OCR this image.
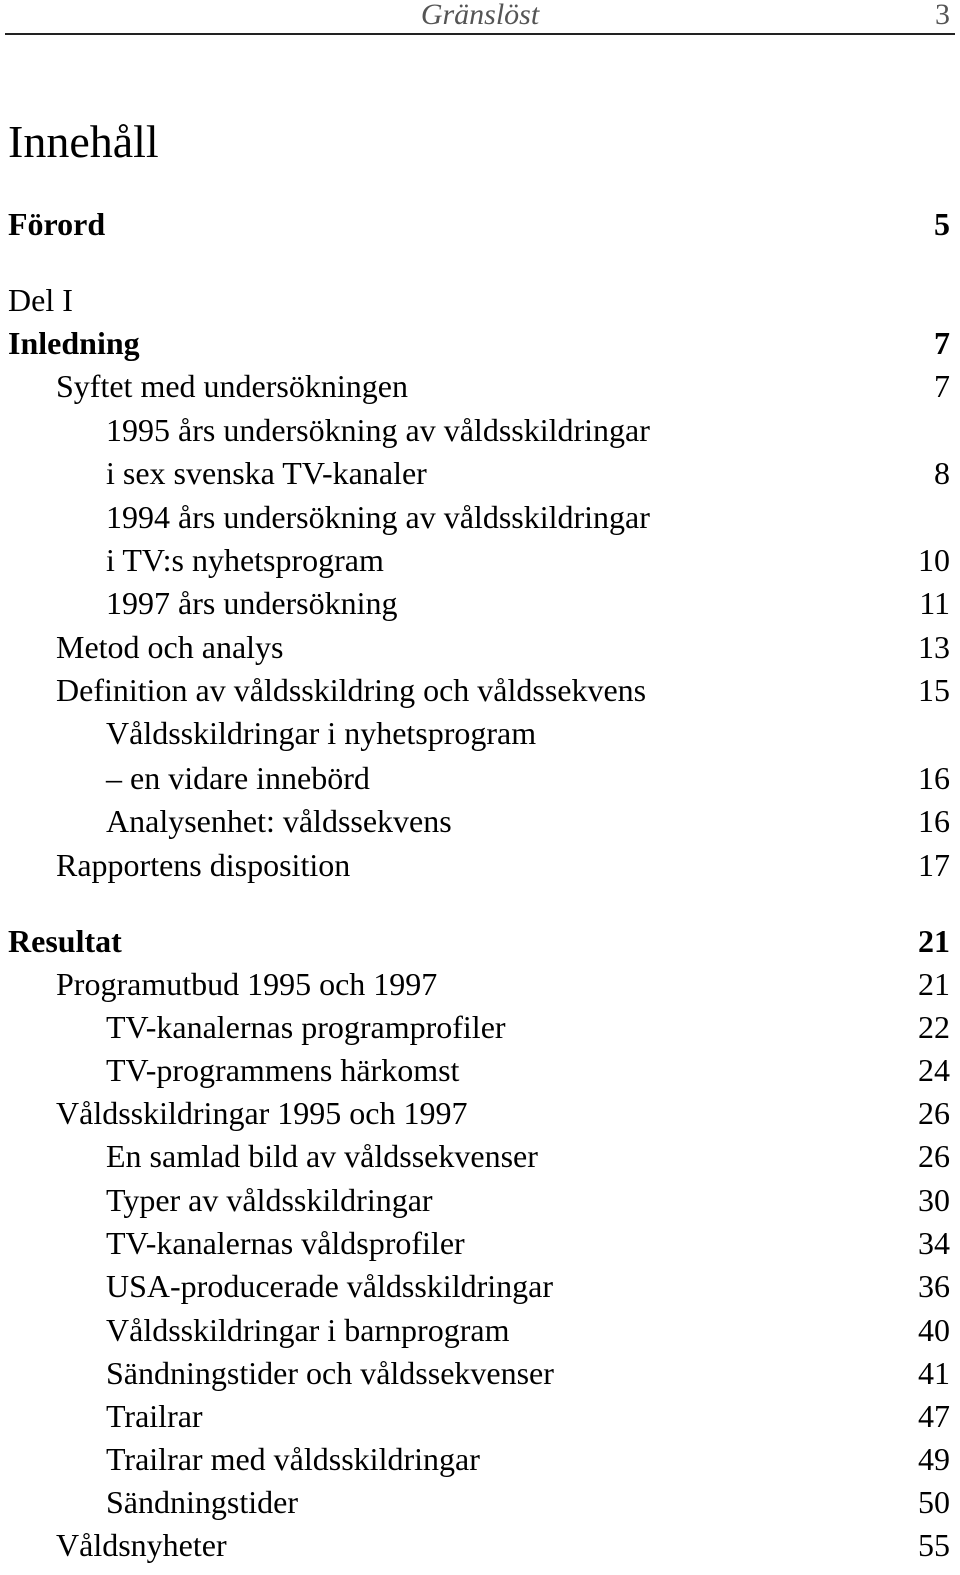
Gränslöst	3
Innehåll
Förord	5
Del I
Inledning	7
Syftet med undersökningen	7
1995 års undersökning av våldsskildringar
i sex svenska TV-kanaler	8
1994 års undersökning av våldsskildringar
i TV:s nyhetsprogram	10
1997 års undersökning	11
Metod och analys	13
Definition av våldsskildring och våldssekvens	15
Våldsskildringar i nyhetsprogram
– en vidare innebörd	16
Analysenhet: våldssekvens	16
Rapportens disposition	17
Resultat	21
Programutbud 1995 och 1997	21
TV-kanalernas programprofiler	22
TV-programmens härkomst	24
Våldsskildringar 1995 och 1997	26
En samlad bild av våldssekvenser	26
Typer av våldsskildringar	30
TV-kanalernas våldsprofiler	34
USA-producerade våldsskildringar	36
Våldsskildringar i barnprogram	40
Sändningstider och våldssekvenser	41
Trailrar	47
Trailrar med våldsskildringar	49
Sändningstider	50
Våldsnyheter	55
